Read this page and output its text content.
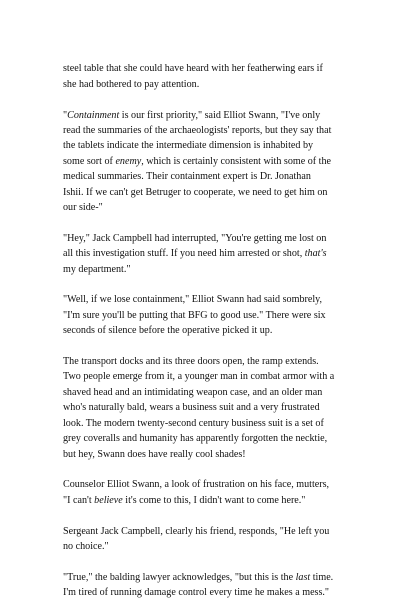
steel table that she could have heard with her featherwing ears if
she had bothered to pay attention.

"Containment is our first priority," said Elliot Swann, "I've only
read the summaries of the archaeologists' reports, but they say that
the tablets indicate the intermediate dimension is inhabited by
some sort of enemy, which is certainly consistent with some of the
medical summaries. Their containment expert is Dr. Jonathan
Ishii. If we can't get Betruger to cooperate, we need to get him on
our side-"

"Hey," Jack Campbell had interrupted, "You're getting me lost on
all this investigation stuff. If you need him arrested or shot, that's
my department."

"Well, if we lose containment," Elliot Swann had said sombrely,
"I'm sure you'll be putting that BFG to good use." There were six
seconds of silence before the operative picked it up.

The transport docks and its three doors open, the ramp extends.
Two people emerge from it, a younger man in combat armor with a
shaved head and an intimidating weapon case, and an older man
who's naturally bald, wears a business suit and a very frustrated
look. The modern twenty-second century business suit is a set of
grey coveralls and humanity has apparently forgotten the necktie,
but hey, Swann does have really cool shades!

Counselor Elliot Swann, a look of frustration on his face, mutters,
"I can't believe it's come to this, I didn't want to come here."

Sergeant Jack Campbell, clearly his friend, responds, "He left you
no choice."

"True," the balding lawyer acknowledges, "but this is the last time.
I'm tired of running damage control every time he makes a mess."
